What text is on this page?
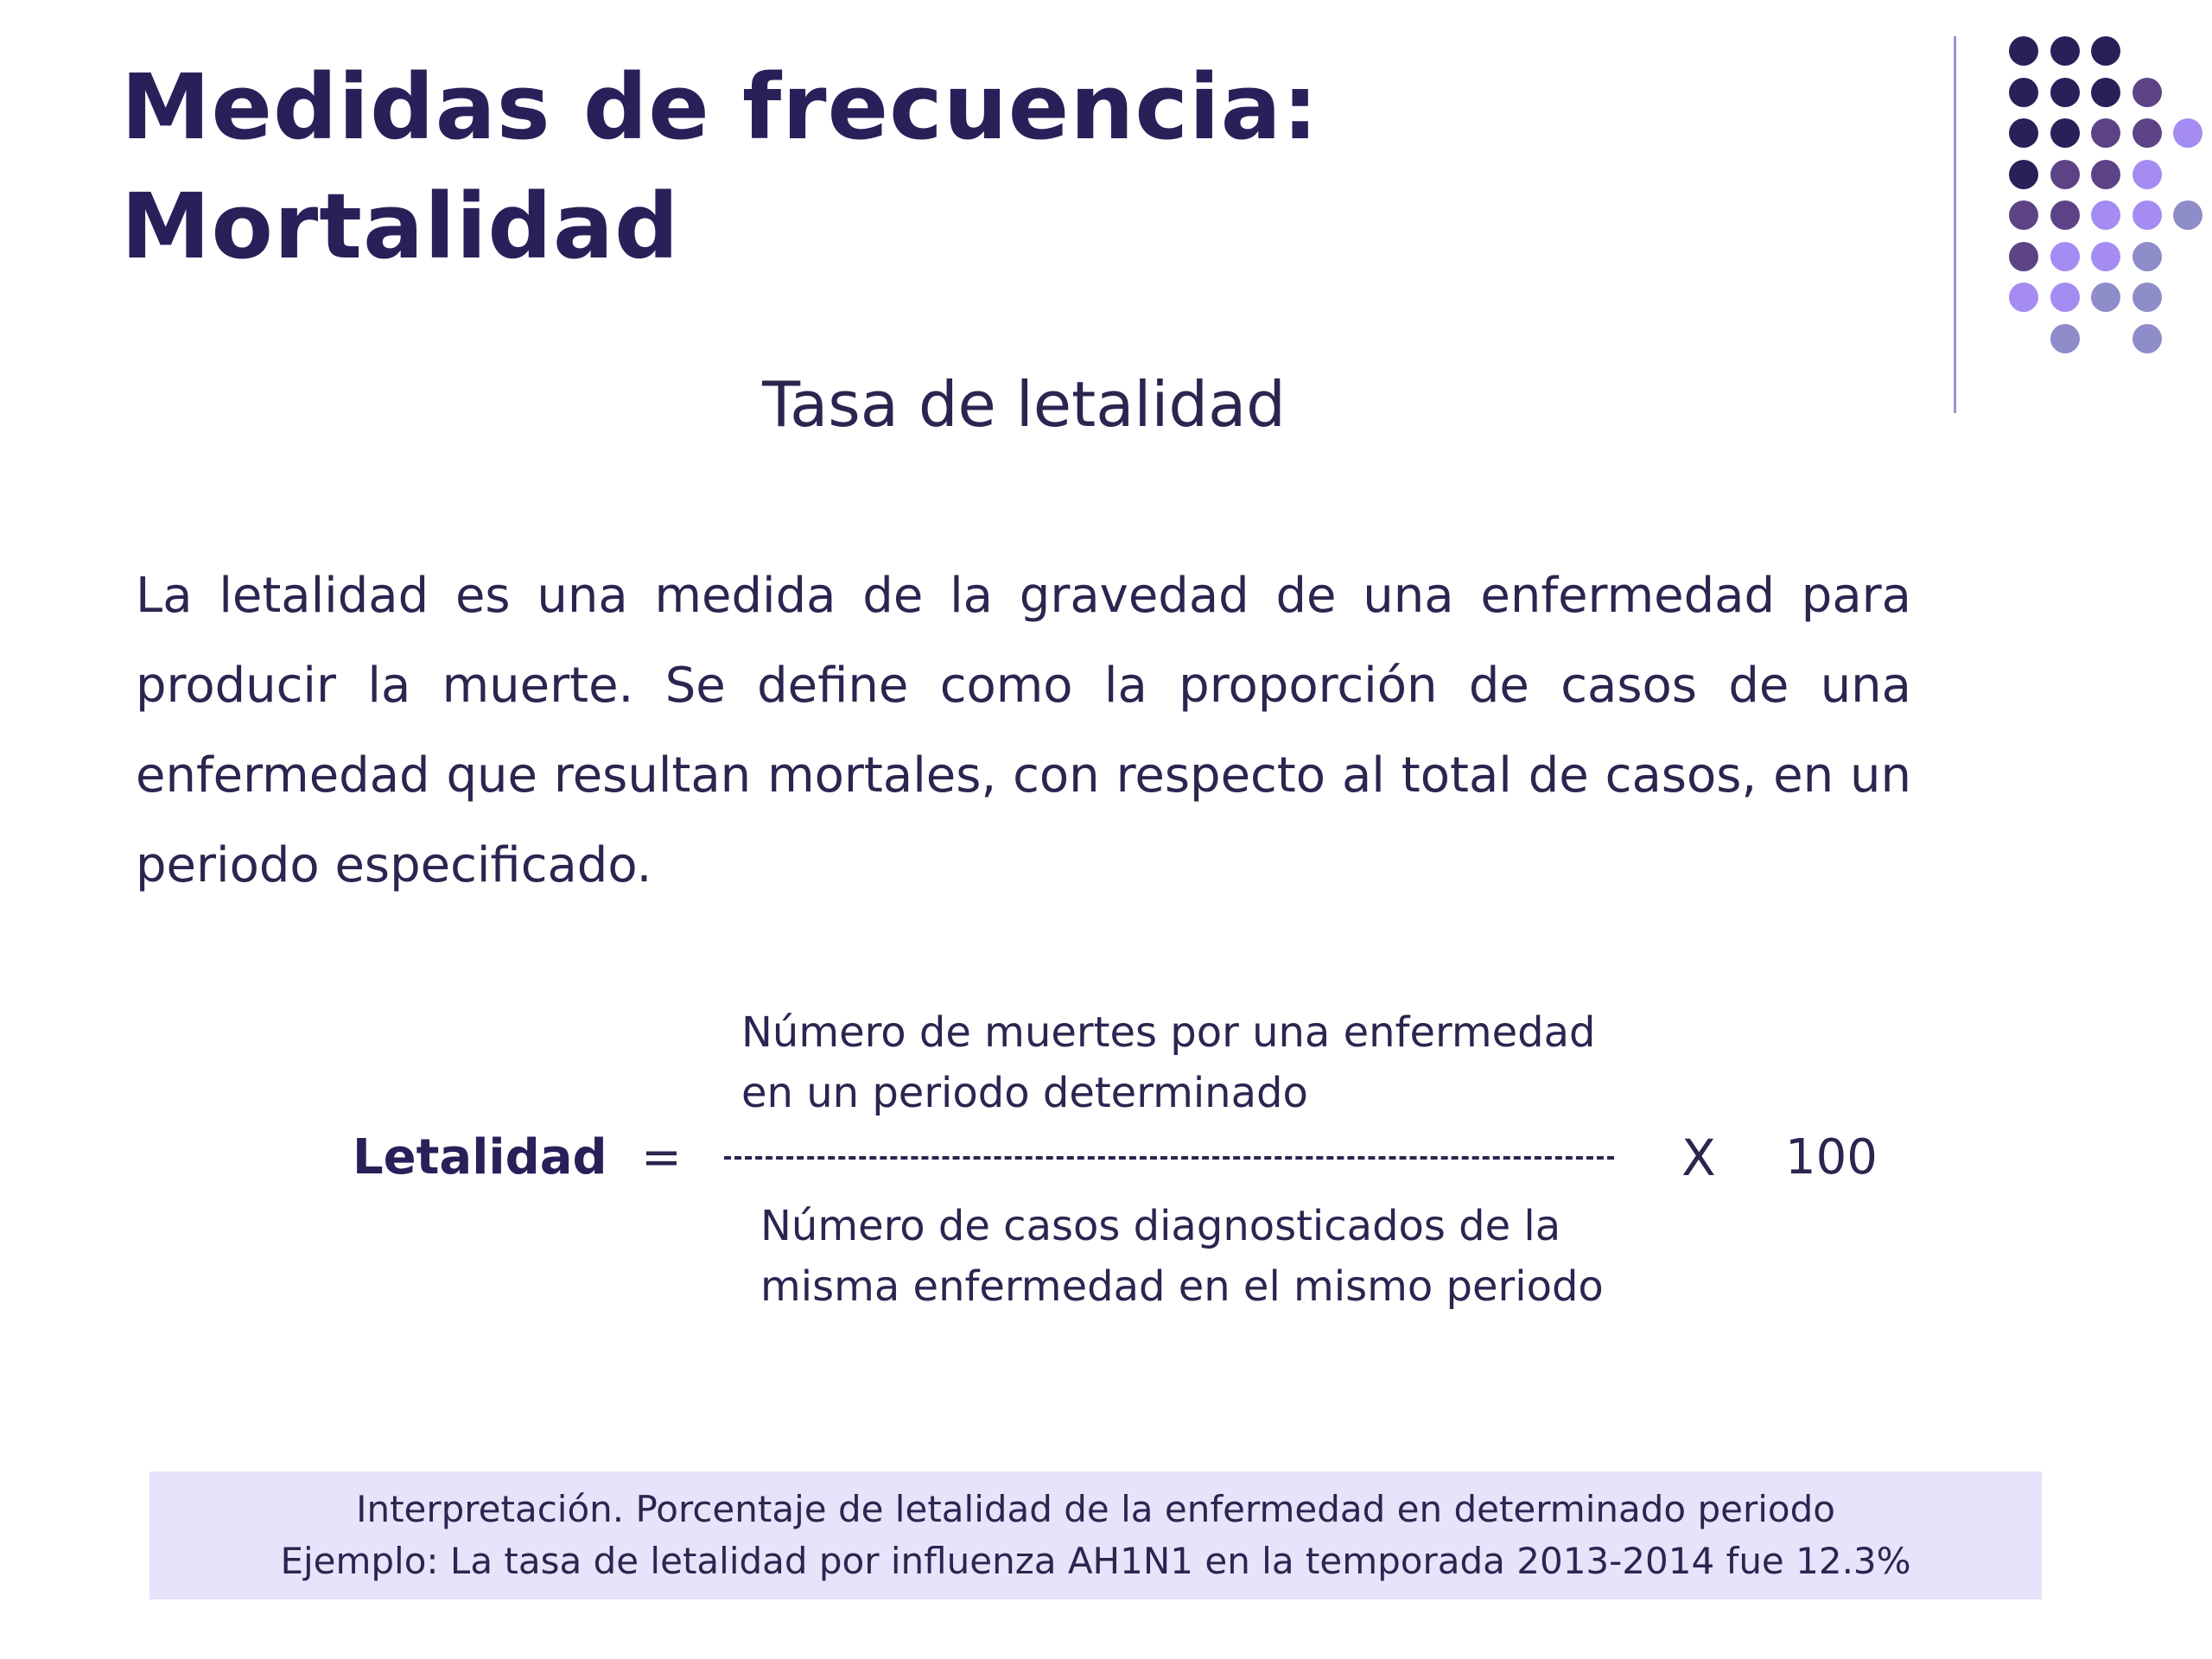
Medidas de frecuencia:
Mortalidad
Tasa de letalidad

La letalidad es una medida de la gravedad de una enfermedad para producir la muerte. Se define como la proporción de casos de una enfermedad que resultan mortales, con respecto al total de casos, en un periodo especificado.

Número de muertes por una enfermedad
en un periodo determinado
Letalidad =	X 100
Número de casos diagnosticados de la
misma enfermedad en el mismo periodo
Interpretación. Porcentaje de letalidad de la enfermedad en determinado periodo
Ejemplo: La tasa de letalidad por influenza AH1N1 en la temporada 2013-2014 fue 12.3%
